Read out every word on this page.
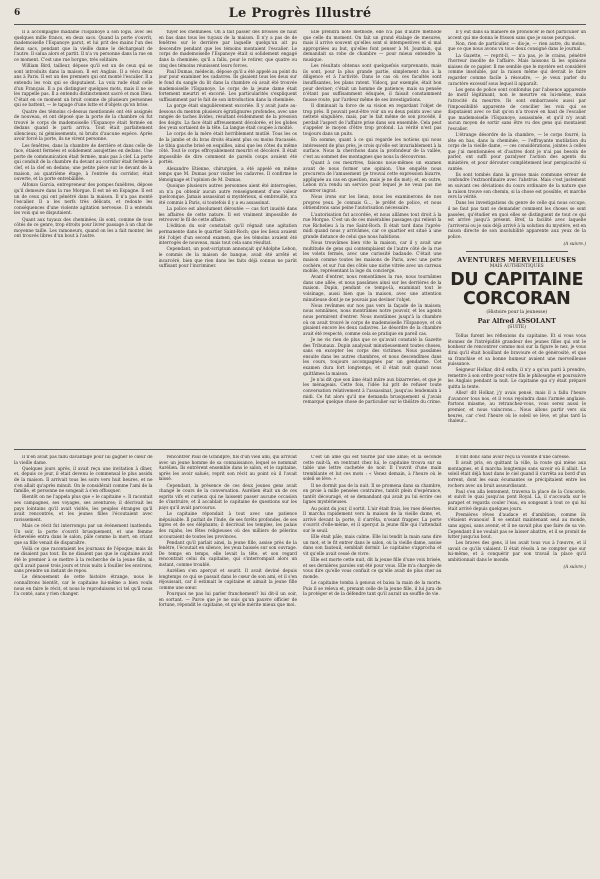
6	Le Progrès Illustré

Il a accompagné madame l'Espanoye à son logis, avec les quelques mille francs, en deux sacs. Quand la porte s'ouvrit, mademoiselle l'Espanoye parut, et lui prit des mains l'un des deux sacs, pendant que la vieille dame le déchargeait de l'autre. Il salua alors et partit. Il n'a vu personne dans la rue en ce moment. C'est une rue borgne, très solitaire.

William Bird, tailleur, dépose qu'il est un de ceux qui se sont introduits dans la maison. Il est Anglais. Il a vécu deux ans à Paris. Il est un des premiers qui ont monté l'escalier. Il a entendu les voix qui se disputaient. La voix rude était celle d'un Français. Il a pu distinguer quelques mots, mais il ne se les rappelle pas. Il a entendu distinctement sacré et mon Dieu. C'était en ce moment un bruit comme de plusieurs personnes qui se battent, — le tapage d'une lutte et d'objets qu'on brise.

Quatre des témoins ci-dessus mentionnés ont été assignés de nouveau, et ont déposé que la porte de la chambre où fut trouvé le corps de mademoiselle l'Espanoye était fermée en dedans quand le parti arriva. Tout était parfaitement silencieux; ni gémissements, ni bruits d'aucune espèce. Après avoir forcé la porte, ils ne virent personne.

Les fenêtres, dans la chambre de derrière et dans celle de face, étaient fermées et solidement assujetties en dedans. Une porte de communication était fermée, mais pas à clef. La porte qui conduit de la chambre du devant au corridor était fermée à clef, et la clef en dedans; une petite pièce sur le devant de la maison, au quatrième étage, à l'entrée du corridor, était ouverte, et la porte entrebâillée.

Alfonzo Garcia, entrepreneur des pompes funèbres, dépose qu'il demeure dans la rue Morgue. Il est né en Espagne. Il est un de ceux qui ont pénétré dans la maison. Il n'a pas monté l'escalier. Il a les nerfs très délicats, et redoute les conséquences d'une violente agitation nerveuse. Il a entendu les voix qui se disputaient.

Quant aux tuyaux des cheminées, ils sont, comme de tous côtés de ce genre, trop étroits pour livrer passage à un chat de moyenne taille. Les ramoneurs, quand on les a fait monter, les ont trouvés libres d'un bout à l'autre.

tuyer les cheminées. On a fait passer des brosses de haut en bas dans tous les tuyaux de la maison. Il n'y a pas de de fenêtres sur le derrière par laquelle quelqu'un ait pu descendre pendant que les témoins montaient l'escalier. Le corps de mademoiselle l'Espanoye était si solidement engagé dans la cheminée, qu'il a fallu, pour le retirer, que quatre ou cinq des témoins réunissent leurs forces.

Paul Dumas, médecin, dépose qu'il a été appelé au point du jour pour examiner les cadavres. Ils gisaient tous les deux sur le fond du sangle du lit dans la chambre où avait été trouvée mademoiselle l'Espanoye. Le corps de la jeune dame était fortement meurtri et excorié. Les particularités s'expliquent suffisamment par le fait de son introduction dans la cheminée.

La gorge était singulièrement excoriée. Il y avait juste au-dessous du menton plusieurs égratignures profondes, avec une rangée de taches livides, résultant évidemment de la pression des doigts. La face était affreusement décolorée, et les globes des yeux sortaient de la tête. La langue était coupée à moitié.

Le corps de la mère était horriblement mutilé. Tous les os de la jambe et du bras droits étaient plus ou moins fracassés. Le tibia gauche brisé en esquilles, ainsi que les côtes du même côté. Tout le corps effroyablement meurtri et décoloré. Il était impossible de dire comment de pareils coups avaient été portés.

Alexandre Etienne, chirurgien, a été appelé en même temps que M. Dumas pour visiter les cadavres. Il confirme le témoignage et l'opinion de M. Dumas.

Quoique plusieurs autres personnes aient été interrogées, on n'a pu obtenir aucun autre renseignement d'une valeur quelconque. Jamais assassinat si mystérieux, si embrouillé, n'a été commis à Paris, si toutefois il y a eu assassinat.

La police est absolument déroutée — cas fort inusité dans les affaires de cette nature. Il est vraiment impossible de retrouver le fil de cette affaire.

L'édition du soir constatait qu'il régnait une agitation permanente dans le quartier Saint-Roch; que les lieux avaient été l'objet d'un second examen, que les témoins avaient été interrogés de nouveau, mais tout cela sans résultat.

Cependant, un post-scriptum annonçait qu'Adolphe Lebon, le commis de la maison de banque, avait été arrêté et incarcéré, bien que rien dans les faits déjà connus ne parût suffisant pour l'incriminer.

Elle prendra note méthode, elle n'a pas d'autre méthode que celle du moment. On fait un grand étalage de mesures, mais il arrive souvent qu'elles sont si intempestives et si mal appropriées au but, qu'elles font penser à M. Jourdain, qui demandait sa robe de chambre — pour mieux entendre la musique.

Les résultats obtenus sont quelquefois surprenants, mais ils sont, pour la plus grande partie, simplement dus à la diligence et à l'activité. Dans le cas où ces facultés sont insuffisantes, les plans ratent. Vidocq, par exemple, était bon pour deviner; c'était un homme de patience; mais sa pensée n'étant pas suffisamment éduquée, il faisait constamment fausse route, par l'ardeur même de ses investigations.

Il diminuait la force de sa vision en regardant l'objet de trop près. Il pouvait peut-être voir un ou deux points avec une netteté singulière, mais, par le fait même de son procédé, il perdait l'aspect de l'affaire prise dans son ensemble. Cela peut s'appeler le moyen d'être trop profond. La vérité n'est pas toujours dans un puits.

En somme, quant à ce qui regarde les notions qui nous intéressent de plus près, je crois qu'elle est invariablement à la surface. Nous la cherchons dans la profondeur de la vallée, c'est au sommet des montagnes que nous la découvrons.

Quant à ces meurtres, faisons nous-mêmes un examen avant de nous former une opinion. Une enquête nous procurera de l'amusement (je trouvai cette expression bizarre, appliquée au cas en question, mais je ne dis mot); et, en outre, Lebon m'a rendu un service pour lequel je ne veux pas me montrer ingrat.

Nous irons sur les lieux, nous les examinerons de nos propres yeux. Je connais G..., le préfet de police, et nous obtiendrons sans peine l'autorisation nécessaire.

L'autorisation fut accordée, et nous allâmes tout droit à la rue Morgue. C'est un de ces misérables passages qui relient la rue Richelieu à la rue Saint-Roch. Il était tard dans l'après-midi quand nous y arrivâmes, car ce quartier est situé à une grande distance de celui que nous habitions.

Nous trouvâmes bien vite la maison, car il y avait une multitude de gens qui contemplaient de l'autre côté de la rue les volets fermés, avec une curiosité badaude. C'était une maison comme toutes les maisons de Paris, avec une porte cochère, et sur l'un des côtés une niche vitrée avec un carreau mobile, représentant la loge du concierge.

Avant d'entrer, nous remontâmes la rue, nous tournâmes dans une allée, et nous passâmes ainsi sur les derrières de la maison. Dupin, pendant ce temps-là, examinait tout le voisinage, aussi bien que la maison, avec une attention minutieuse dont je ne pouvais pas deviner l'objet.

Nous revînmes sur nos pas vers la façade de la maison; nous sonnâmes, nous montrâmes notre pouvoir, et les agents nous permirent d'entrer. Nous montâmes jusqu'à la chambre où on avait trouvé le corps de mademoiselle l'Espanoye, et où gisaient encore les deux cadavres. Le désordre de la chambre avait été respecté, comme cela se pratique en pareil cas.

Je ne vis rien de plus que ce qu'avait constaté la Gazette des Tribunaux. Dupin analysait minutieusement toutes choses, sans en excepter les corps des victimes. Nous passâmes ensuite dans les autres chambres, et nous descendîmes dans les cours, toujours accompagnés par un gendarme. Cet examen dura fort longtemps, et il était nuit quand nous quittâmes la maison.

Je n'ai dit que son âme était mûre aux bizarreries, et que je les ménageais. Cette fois, l'idée lui prit de refuser toute conversation relativement à l'assassinat, jusqu'au lendemain à midi. Ce fut alors qu'il me demanda brusquement si j'avais remarqué quelque chose de particulier sur le théâtre du crime.

Il y eut dans sa manière de prononcer le mot particulier un accent qui me donna le frisson sans que je susse pourquoi.

Non, rien de particulier, — dis-je, — rien autre, du moins, que ce que nous avons vu tous deux consigné dans le journal.

La Gazette, — reprit-il, — n'a pas, je le crains, pénétré l'horreur insolite de l'affaire. Mais laissons là les opinions niaises de ce papier. Il me semble que le mystère est considéré comme insoluble, par la raison même qui devrait le faire regarder comme facile à résoudre, — je veux parler du caractère excessif sous lequel il apparaît.

Les gens de police sont confondus par l'absence apparente de motif légitimant, non le meurtre en lui-même, mais l'atrocité du meurtre. Ils sont embarrassés aussi par l'impossibilité apparente de concilier les voix qui se disputaient avec ce fait qu'on n'a trouvé en haut de l'escalier que mademoiselle l'Espanoye, assassinée, et qu'il n'y avait aucun moyen de sortir sans être vu des gens qui montaient l'escalier.

L'étrange désordre de la chambre, — le corps fourré, la tête en bas, dans la cheminée, — l'effrayante mutilation du corps de la vieille dame, — ces considérations, jointes à celles que j'ai mentionnées et d'autres dont je n'ai pas besoin de parler, ont suffi pour paralyser l'action des agents du ministère, et pour dérouter complètement leur perspicacité si vantée.

Ils sont tombés dans la grosse mais commune erreur de confondre l'extraordinaire avec l'abstrus. Mais c'est justement en suivant ces déviations du cours ordinaire de la nature que la raison trouve son chemin, si la chose est possible, et marche vers la vérité.

Dans les investigations du genre de celle qui nous occupe, il ne faut pas tant se demander comment les choses se sont passées, qu'étudier en quoi elles se distinguent de tout ce qui est arrivé jusqu'à présent. Bref, la facilité avec laquelle j'arriverai ou je suis déjà arrivé à la solution du mystère, est en raison directe de son insolubilité apparente aux yeux de la police.

(A suivre.)
AVENTURES MERVEILLEUSES
MAIS AUTHENTIQUES
DU CAPITAINE CORCORAN
(Histoire pour la jeunesse)
Par Alfred ASSOLANT
(SUITE)

Tollus furent les réflexions du capitaine. Et si vous vous étonnez de l'intrépidité grandeur des jeunes filles qui ont le bonheur de rencontrer comme moi sur la figure le nez, je vous dirai qu'il était bouillant de bravoure et de générosité, et que sa franchise et sa bonne humeur avaient une merveilleuse puissance.

Seigneur Holkar, dit-il enfin, il n'y a qu'un parti à prendre, remettre à son ordre pour votre fils le philosophe et poursuivre les Anglais pendant la nuit. Le capitaine qui s'y était préparé quitta la tente.

Allez! dit Holkar, j'y avais pensé, mais il a fallu l'heure d'avancer tous nos, et il vous rejoindra dans l'armée anglaise. Partons miasme, au retranchez-vous, vous serez aussi le premier, et nous vaincrons... Nous allons partir vers six heures, car c'est l'heure où le soleil se lève, et plus tard la chaleur...

Il n'en avait pas fallu davantage pour lui gagner le cœur de la vieille dame.

Quelques jours après, il avait reçu une invitation à dîner, et, depuis ce jour, il était devenu le commensal le plus assidu de la maison. Il arrivait tous les soirs vers huit heures, et ne s'en allait qu'après minuit. On le considérait comme l'ami de la famille, et personne ne songeait à s'en offusquer.

Bientôt on ne l'appela plus que « le capitaine ». Il racontait ses campagnes, ses voyages, ses aventures; il décrivait les pays lointains qu'il avait visités, les peuples étranges qu'il avait rencontrés, et les jeunes filles l'écoutaient avec ravissement.

Mais ce récit fut interrompu par un événement inattendu. Un soir, la porte s'ouvrit brusquement, et une femme échevelée entra dans le salon, pâle comme la mort, en criant que sa fille venait de disparaître.

Voilà ce que racontaient les journaux de l'époque; mais ils ne disaient pas tout. Ils ne disaient pas que le capitaine avait été le premier à se mettre à la recherche de la jeune fille, ni qu'il avait passé trois jours et trois nuits à fouiller les environs, sans prendre un instant de repos.

Le dénouement de cette histoire étrange, nous le connaîtrons bientôt, car le capitaine lui-même a bien voulu nous en faire le récit, et nous le reproduisons ici tel qu'il nous l'a conté, sans y rien changer.

rencontrer Paul de Grandpré, fils d'un vieil ami, qui arrivait avec un jeune homme de sa connaissance, lequel se nommait Aurélien. Ils entrèrent ensemble dans le salon, et le capitaine, après les avoir salués, reprit son récit au point où il l'avait laissé.

Cependant, la présence de ces deux jeunes gens avait changé le cours de la conversation. Aurélien était un de ces esprits vifs et curieux qui ne laissent passer aucune occasion de s'instruire, et il accablait le capitaine de questions sur les pays qu'il avait parcourus.

Le capitaine répondait à tout avec une patience inépuisable. Il parlait de l'Inde, de ses forêts profondes, de ses tigres et de ses éléphants; il décrivait les temples, les palais des rajahs, les fêtes religieuses où des milliers de pèlerins accouraient de toutes les provinces.

Pendant qu'il parlait ainsi, la jeune fille, assise près de la fenêtre, l'écoutait en silence, les yeux baissés sur son ouvrage. De temps en temps, elle levait la tête, et son regard rencontrait celui du capitaine, qui s'interrompait alors un instant, comme troublé.

Aurélien s'en aperçut et sourit. Il avait deviné depuis longtemps ce qui se passait dans le cœur de son ami, et il s'en réjouissait, car il estimait le capitaine et aimait la jeune fille comme une sœur.

Pourquoi ne pas lui parler franchement? lui dit-il un soir, en sortant. — Parce que je ne suis qu'un pauvre officier de fortune, répondit le capitaine, et qu'elle mérite mieux que moi.

C'est un âme qui est tourné par une amie; et la seconde cette nuit-là, en rentrant chez lui, le capitaine trouva sur sa table une lettre cachetée de noir. Il l'ouvrit d'une main tremblante et lut ces mots : « Venez demain, à l'heure où le soleil se lève. »

Il ne dormit pas de la nuit. Il se promena dans sa chambre, en proie à mille pensées contraires, tantôt plein d'espérance, tantôt découragé, et se demandant qui avait pu lui écrire ces lignes mystérieuses.

Au point du jour, il sortit. L'air était frais, les rues désertes. Il marcha rapidement vers la maison de la vieille dame, et, arrivé devant la porte, il s'arrêta, n'osant frapper. La porte s'ouvrit d'elle-même, et il aperçut la jeune fille qui l'attendait sur le seuil.

Elle était pâle, mais calme. Elle lui tendit la main sans dire un mot, et le fit entrer dans le salon, où la vieille dame, assise dans son fauteuil, semblait dormir. Le capitaine s'approcha et vit qu'elle avait cessé de vivre.

Elle est morte cette nuit, dit la jeune fille d'une voix brisée, et ses dernières paroles ont été pour vous. Elle m'a chargée de vous dire qu'elle vous confiait ce qu'elle avait de plus cher au monde.

Le capitaine tomba à genoux et baisa la main de la morte. Puis il se releva et, prenant celle de la jeune fille, il lui jura de la protéger et de la défendre tant qu'il aurait un souffle de vie.

Il vint donc sans avoir reçu la volonté d'une caresse.

Il avait pris, en quittant la ville, la route qui mène aux montagnes, et il marcha longtemps sans savoir où il allait. Le soleil était déjà haut dans le ciel quand il s'arrêta au bord d'un torrent, dont les eaux écumantes se précipitaient entre les rochers avec un bruit assourdissant.

Paul s'en alla lentement, traversa la place de la Concorde, et suivit le quai jusqu'au pont Royal. Là, il s'accouda sur le parapet et regarda couler l'eau, en songeant à tout ce qui lui était arrivé depuis quelques jours.

Premières rêves d'audace et d'ambition, comme ils s'étaient évanouis! Il se sentait maintenant seul au monde, sans appui, sans avenir, et il ne savait plus que faire de sa vie. Cependant il ne voulait pas se laisser abattre, et il se promit de lutter jusqu'au bout.

Les braves des gens, il les avait tous vus à l'œuvre, et il savait ce qu'ils valaient. Il était résolu à ne compter que sur lui-même, et à conquérir par son travail la place qu'il ambitionnait dans le monde.

(A suivre.)
